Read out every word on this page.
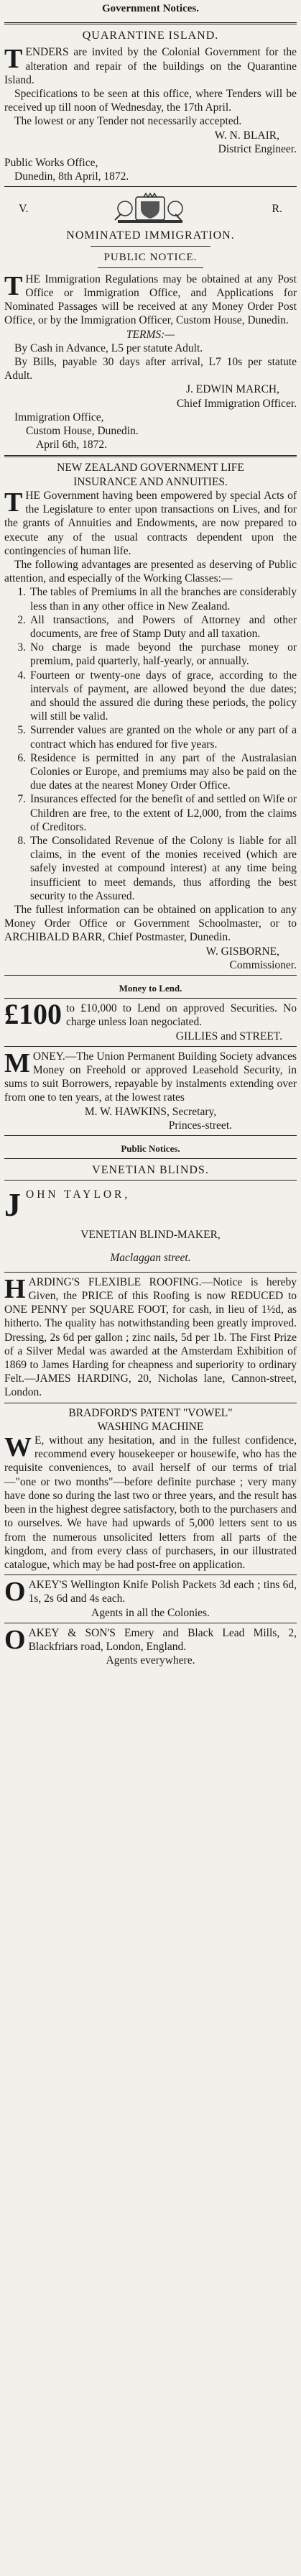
Government Notices.
QUARANTINE ISLAND.

TENDERS are invited by the Colonial Government for the alteration and repair of the buildings on the Quarantine Island.

Specifications to be seen at this office, where Tenders will be received up till noon of Wednesday, the 17th April.

The lowest or any Tender not necessarily accepted.

W. N. BLAIR,
District Engineer.
Public Works Office,
Dunedin, 8th April, 1872.
V.	R.
NOMINATED IMMIGRATION.
PUBLIC NOTICE.

THE Immigration Regulations may be obtained at any Post Office or Immigration Office, and Applications for Nominated Passages will be received at any Money Order Post Office, or by the Immigration Officer, Custom House, Dunedin.

TERMS:—

By Cash in Advance, L5 per statute Adult.

By Bills, payable 30 days after arrival, L7 10s per statute Adult.

J. EDWIN MARCH,
Chief Immigration Officer.
Immigration Office,
Custom House, Dunedin.
April 6th, 1872.
NEW ZEALAND GOVERNMENT LIFE
INSURANCE AND ANNUITIES.

THE Government having been empowered by special Acts of the Legislature to enter upon transactions on Lives, and for the grants of Annuities and Endowments, are now prepared to execute any of the usual contracts dependent upon the contingencies of human life.

The following advantages are presented as deserving of Public attention, and especially of the Working Classes:—

1. The tables of Premiums in all the branches are considerably less than in any other office in New Zealand.
2. All transactions, and Powers of Attorney and other documents, are free of Stamp Duty and all taxation.
3. No charge is made beyond the purchase money or premium, paid quarterly, half-yearly, or annually.
4. Fourteen or twenty-one days of grace, according to the intervals of payment, are allowed beyond the due dates; and should the assured die during these periods, the policy will still be valid.
5. Surrender values are granted on the whole or any part of a contract which has endured for five years.
6. Residence is permitted in any part of the Australasian Colonies or Europe, and premiums may also be paid on the due dates at the nearest Money Order Office.
7. Insurances effected for the benefit of and settled on Wife or Children are free, to the extent of L2,000, from the claims of Creditors.
8. The Consolidated Revenue of the Colony is liable for all claims, in the event of the monies received (which are safely invested at compound interest) at any time being insufficient to meet demands, thus affording the best security to the Assured.

The fullest information can be obtained on application to any Money Order Office or Government Schoolmaster, or to ARCHIBALD BARR, Chief Postmaster, Dunedin.

W. GISBORNE,
Commissioner.
Money to Lend.
£100 to £10,000 to Lend on approved Securities. No charge unless loan negociated.

GILLIES and STREET.

MONEY.—The Union Permanent Building Society advances Money on Freehold or approved Leasehold Security, in sums to suit Borrowers, repayable by instalments extending over from one to ten years, at the lowest rates

M. W. HAWKINS, Secretary,
Princes-street.
Public Notices.
VENETIAN BLINDS.
J OHN TAYLOR,
VENETIAN BLIND-MAKER,
Maclaggan street.

HARDING'S FLEXIBLE ROOFING.—Notice is hereby Given, the PRICE of this Roofing is now REDUCED to ONE PENNY per SQUARE FOOT, for cash, in lieu of 1½d, as hitherto. The quality has notwithstanding been greatly improved. Dressing, 2s 6d per gallon ; zinc nails, 5d per 1b. The First Prize of a Silver Medal was awarded at the Amsterdam Exhibition of 1869 to James Harding for cheapness and superiority to ordinary Felt.—JAMES HARDING, 20, Nicholas lane, Cannon-street, London.

BRADFORD'S PATENT "VOWEL"
WASHING MACHINE

W E, without any hesitation, and in the fullest confidence, recommend every housekeeper or housewife, who has the requisite conveniences, to avail herself of our terms of trial—"one or two months"—before definite purchase ; very many have done so during the last two or three years, and the result has been in the highest degree satisfactory, both to the purchasers and to ourselves. We have had upwards of 5,000 letters sent to us from the numerous unsolicited letters from all parts of the kingdom, and from every class of purchasers, in our illustrated catalogue, which may be had post-free on application.

OAKEY'S Wellington Knife Polish Packets 3d each ; tins 6d, 1s, 2s 6d and 4s each.

Agents in all the Colonies.

OAKEY & SON'S Emery and Black Lead Mills, 2, Blackfriars road, London, England.

Agents everywhere.
